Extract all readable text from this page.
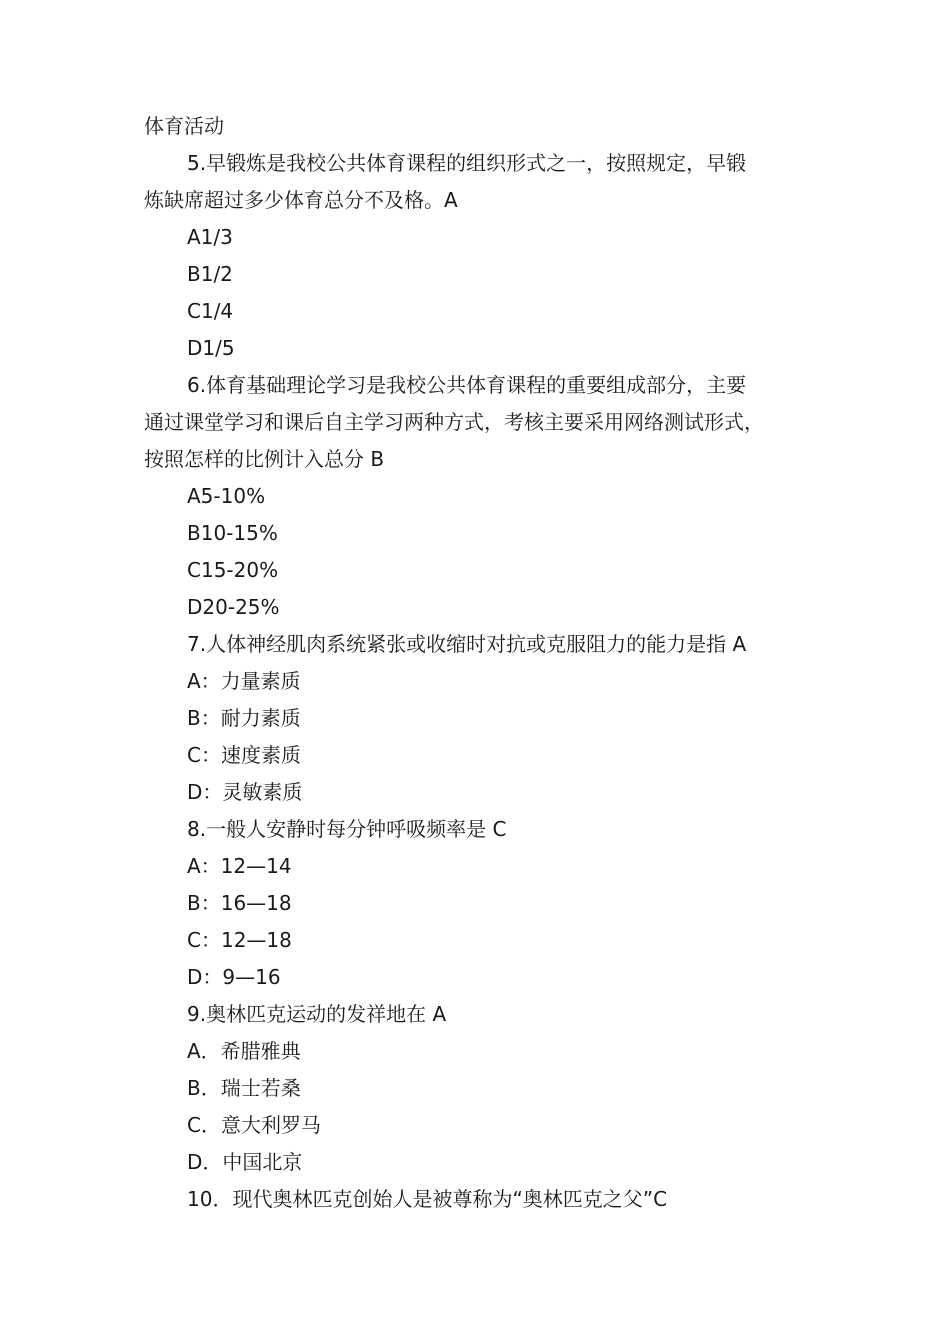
体育活动
5.早锻炼是我校公共体育课程的组织形式之一，按照规定，早锻
炼缺席超过多少体育总分不及格。A
A1/3
B1/2
C1/4
D1/5
6.体育基础理论学习是我校公共体育课程的重要组成部分，主要
通过课堂学习和课后自主学习两种方式，考核主要采用网络测试形式，
按照怎样的比例计入总分 B
A5-10%
B10-15%
C15-20%
D20-25%
7.人体神经肌肉系统紧张或收缩时对抗或克服阻力的能力是指 A
A：力量素质
B：耐力素质
C：速度素质
D：灵敏素质
8.一般人安静时每分钟呼吸频率是 C
A：12—14
B：16—18
C：12—18
D：9—16
9.奥林匹克运动的发祥地在 A
A．希腊雅典
B．瑞士若桑
C．意大利罗马
D．中国北京
10．现代奥林匹克创始人是被尊称为“奥林匹克之父”C
